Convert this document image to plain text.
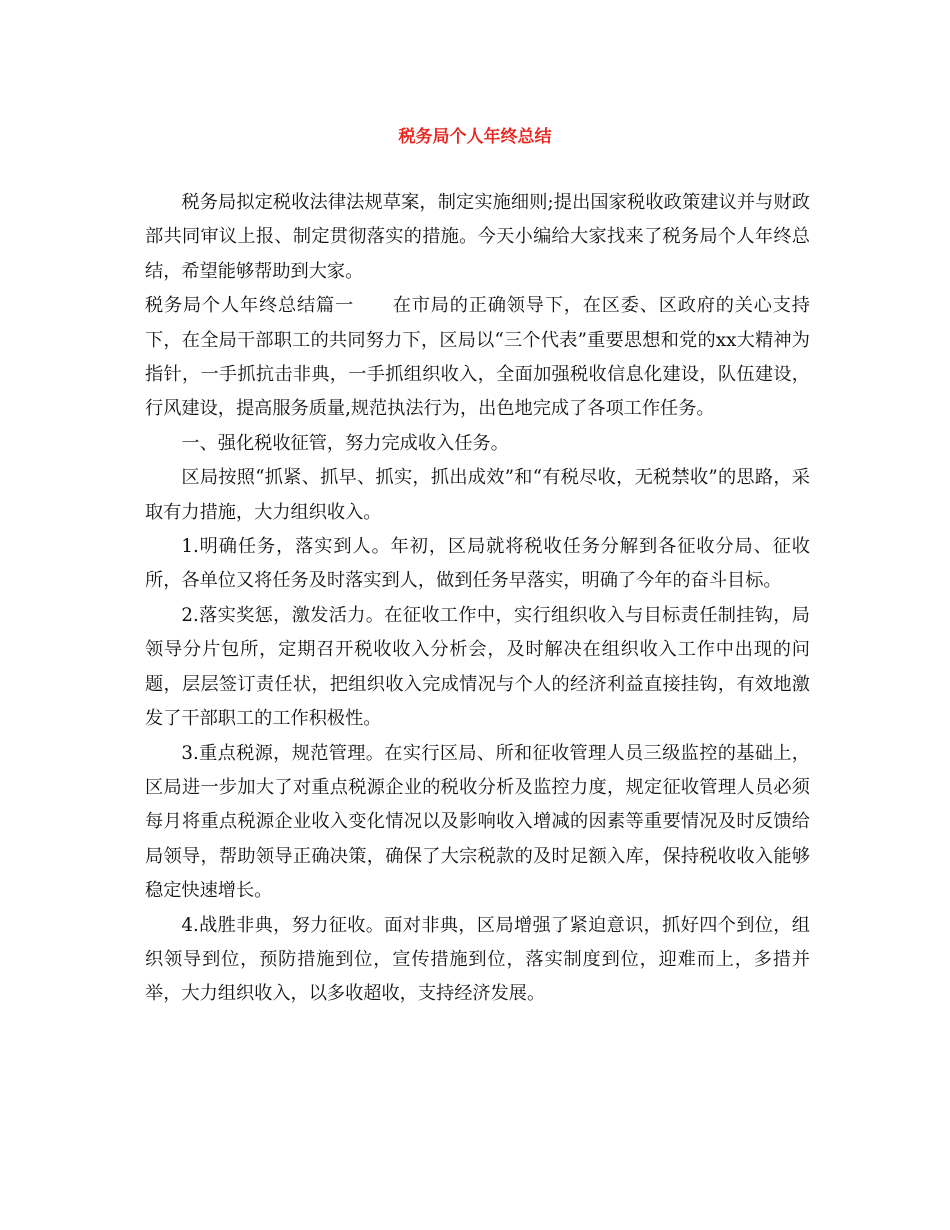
税务局个人年终总结

税务局拟定税收法律法规草案，制定实施细则;提出国家税收政策建议并与财政部共同审议上报、制定贯彻落实的措施。今天小编给大家找来了税务局个人年终总结，希望能够帮助到大家。

税务局个人年终总结篇一 在市局的正确领导下，在区委、区政府的关心支持下，在全局干部职工的共同努力下，区局以“三个代表”重要思想和党的xx大精神为指针，一手抓抗击非典，一手抓组织收入，全面加强税收信息化建设，队伍建设，行风建设，提高服务质量,规范执法行为，出色地完成了各项工作任务。

一、强化税收征管，努力完成收入任务。

区局按照“抓紧、抓早、抓实，抓出成效”和“有税尽收，无税禁收”的思路，采取有力措施，大力组织收入。

1.明确任务，落实到人。年初，区局就将税收任务分解到各征收分局、征收所，各单位又将任务及时落实到人，做到任务早落实，明确了今年的奋斗目标。

2.落实奖惩，激发活力。在征收工作中，实行组织收入与目标责任制挂钩，局领导分片包所，定期召开税收收入分析会，及时解决在组织收入工作中出现的问题，层层签订责任状，把组织收入完成情况与个人的经济利益直接挂钩，有效地激发了干部职工的工作积极性。

3.重点税源，规范管理。在实行区局、所和征收管理人员三级监控的基础上，区局进一步加大了对重点税源企业的税收分析及监控力度，规定征收管理人员必须每月将重点税源企业收入变化情况以及影响收入增减的因素等重要情况及时反馈给局领导，帮助领导正确决策，确保了大宗税款的及时足额入库，保持税收收入能够稳定快速增长。

4.战胜非典，努力征收。面对非典，区局增强了紧迫意识，抓好四个到位，组织领导到位，预防措施到位，宣传措施到位，落实制度到位，迎难而上，多措并举，大力组织收入，以多收超收，支持经济发展。
